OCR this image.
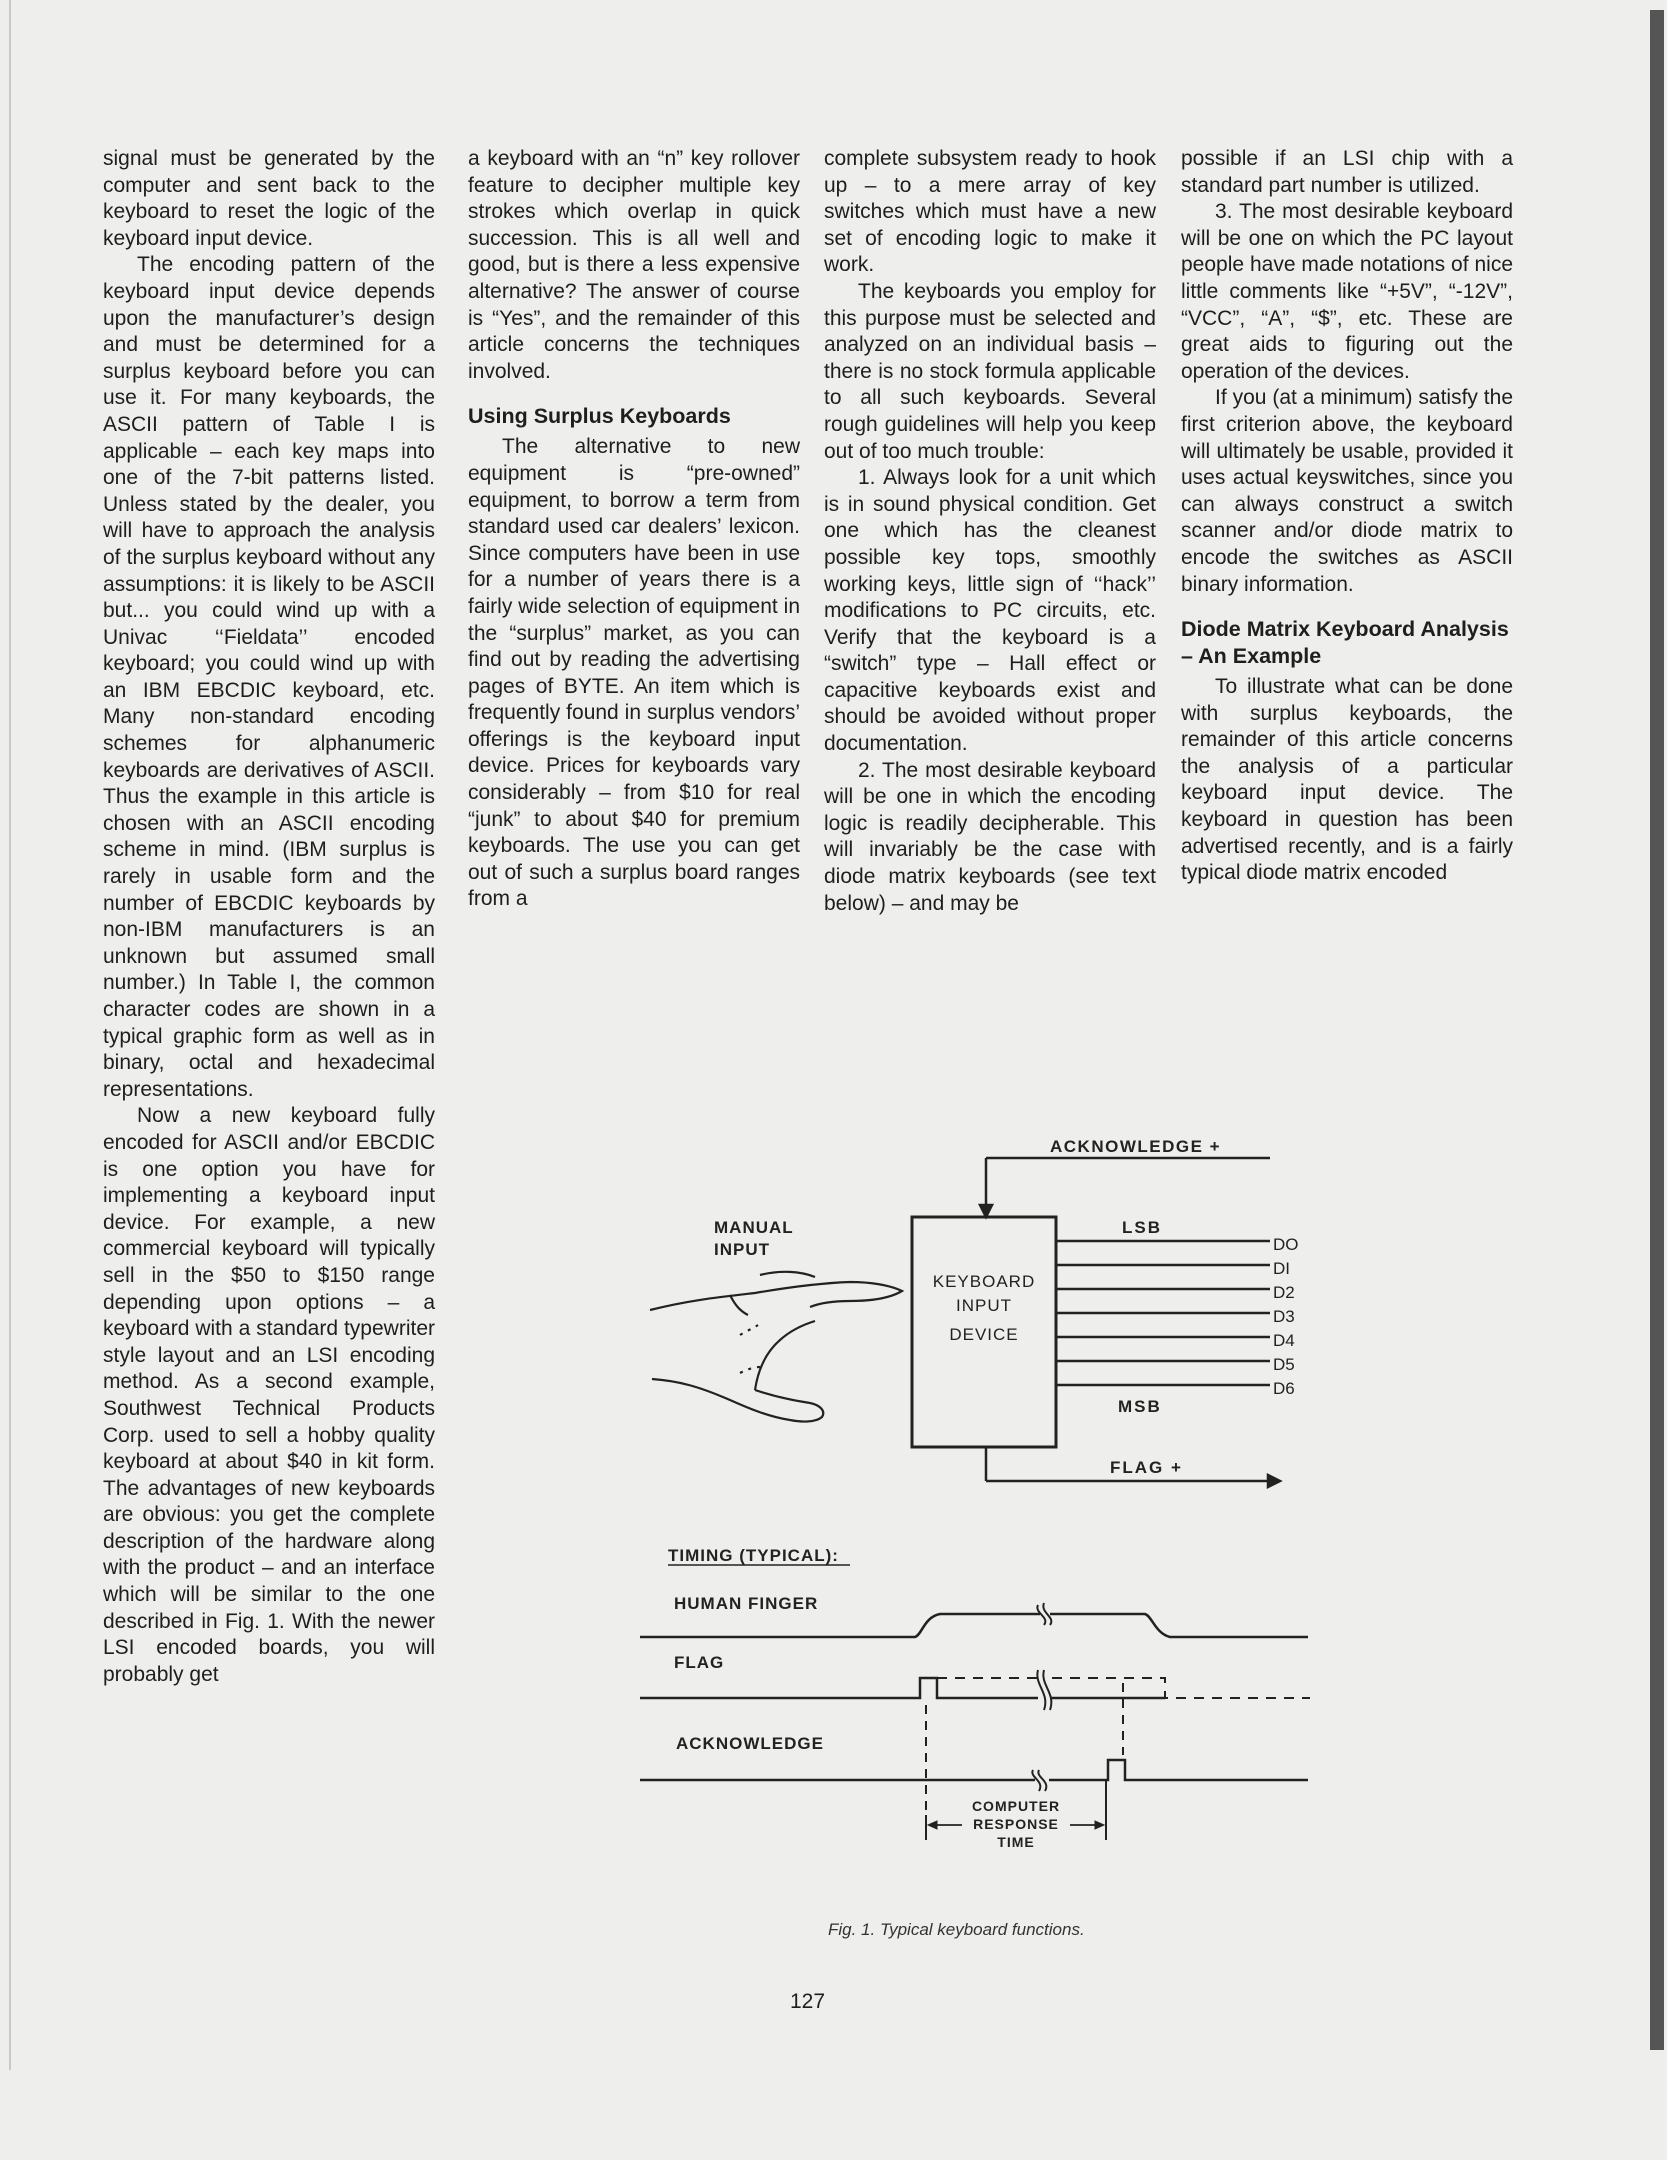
signal must be generated by the computer and sent back to the keyboard to reset the logic of the keyboard input device.

The encoding pattern of the keyboard input device depends upon the manufacturer’s design and must be determined for a surplus keyboard before you can use it. For many keyboards, the ASCII pattern of Table I is applicable – each key maps into one of the 7-bit patterns listed. Unless stated by the dealer, you will have to approach the analysis of the surplus keyboard without any assumptions: it is likely to be ASCII but... you could wind up with a Univac ‘‘Fieldata’’ encoded keyboard; you could wind up with an IBM EBCDIC keyboard, etc. Many non-standard encoding schemes for alphanumeric keyboards are derivatives of ASCII. Thus the example in this article is chosen with an ASCII encoding scheme in mind. (IBM surplus is rarely in usable form and the number of EBCDIC keyboards by non-IBM manufacturers is an unknown but assumed small number.) In Table I, the common character codes are shown in a typical graphic form as well as in binary, octal and hexadecimal representations.

Now a new keyboard fully encoded for ASCII and/or EBCDIC is one option you have for implementing a keyboard input device. For example, a new commercial keyboard will typically sell in the $50 to $150 range depending upon options – a keyboard with a standard typewriter style layout and an LSI encoding method. As a second example, Southwest Technical Products Corp. used to sell a hobby quality keyboard at about $40 in kit form. The advantages of new keyboards are obvious: you get the complete description of the hardware along with the product – and an interface which will be similar to the one described in Fig. 1. With the newer LSI encoded boards, you will probably get

a keyboard with an “n” key rollover feature to decipher multiple key strokes which overlap in quick succession. This is all well and good, but is there a less expensive alternative? The answer of course is “Yes”, and the remainder of this article concerns the techniques involved.

Using Surplus Keyboards

The alternative to new equipment is “pre-owned” equipment, to borrow a term from standard used car dealers’ lexicon. Since computers have been in use for a number of years there is a fairly wide selection of equipment in the “surplus” market, as you can find out by reading the advertising pages of BYTE. An item which is frequently found in surplus vendors’ offerings is the keyboard input device. Prices for keyboards vary considerably – from $10 for real “junk” to about $40 for premium keyboards. The use you can get out of such a surplus board ranges from a

complete subsystem ready to hook up – to a mere array of key switches which must have a new set of encoding logic to make it work.

The keyboards you employ for this purpose must be selected and analyzed on an individual basis – there is no stock formula applicable to all such keyboards. Several rough guidelines will help you keep out of too much trouble:

1. Always look for a unit which is in sound physical condition. Get one which has the cleanest possible key tops, smoothly working keys, little sign of ‘‘hack’’ modifications to PC circuits, etc. Verify that the keyboard is a “switch” type – Hall effect or capacitive keyboards exist and should be avoided without proper documentation.

2. The most desirable keyboard will be one in which the encoding logic is readily decipherable. This will invariably be the case with diode matrix keyboards (see text below) – and may be

possible if an LSI chip with a standard part number is utilized.

3. The most desirable keyboard will be one on which the PC layout people have made notations of nice little comments like “+5V”, “-12V”, “VCC”, “A”, “$”, etc. These are great aids to figuring out the operation of the devices.

If you (at a minimum) satisfy the first criterion above, the keyboard will ultimately be usable, provided it uses actual keyswitches, since you can always construct a switch scanner and/or diode matrix to encode the switches as ASCII binary information.

Diode Matrix Keyboard Analysis – An Example

To illustrate what can be done with surplus keyboards, the remainder of this article concerns the analysis of a particular keyboard input device. The keyboard in question has been advertised recently, and is a fairly typical diode matrix encoded

ACKNOWLEDGE +
MANUAL
INPUT
KEYBOARD
INPUT
DEVICE
LSB
MSB
FLAG +
DO
DI
D2
D3
D4
D5
D6
TIMING (TYPICAL):
HUMAN FINGER
FLAG
ACKNOWLEDGE
COMPUTER
RESPONSE
TIME
Fig. 1. Typical keyboard functions.
127
